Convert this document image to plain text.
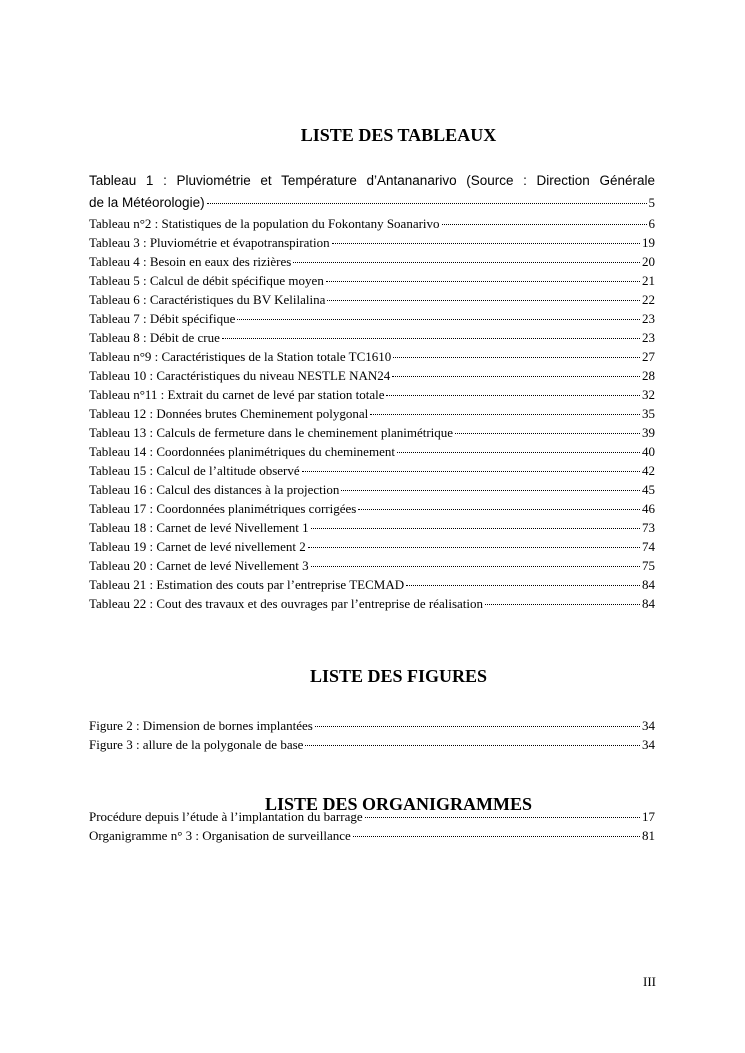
LISTE DES TABLEAUX
Tableau 1 : Pluviométrie et Température d’Antananarivo (Source : Direction Générale
de la Météorologie)	5
Tableau n°2 : Statistiques de la population du Fokontany Soanarivo	6
Tableau 3 : Pluviométrie et évapotranspiration	19
Tableau 4 : Besoin en eaux des rizières	20
Tableau 5 : Calcul de débit spécifique moyen	21
Tableau 6 : Caractéristiques du BV Kelilalina	22
Tableau 7 : Débit spécifique	23
Tableau 8 : Débit de crue	23
Tableau n°9 : Caractéristiques de la Station totale TC1610	27
Tableau 10 : Caractéristiques du niveau NESTLE NAN24	28
Tableau n°11 : Extrait du carnet de levé par station totale	32
Tableau 12 : Données brutes Cheminement polygonal	35
Tableau 13 : Calculs de fermeture dans le cheminement planimétrique	39
Tableau 14 : Coordonnées planimétriques du cheminement	40
Tableau 15 : Calcul de l’altitude observé	42
Tableau 16 : Calcul des distances à la projection	45
Tableau 17 : Coordonnées planimétriques corrigées	46
Tableau 18 : Carnet de levé Nivellement 1	73
Tableau 19 : Carnet de levé nivellement 2	74
Tableau 20 : Carnet de levé Nivellement 3	75
Tableau 21 : Estimation des couts par l’entreprise TECMAD	84
Tableau 22 : Cout des travaux et des ouvrages par l’entreprise de réalisation	84
LISTE DES FIGURES
Figure 2 : Dimension de bornes implantées	34
Figure 3 : allure de la polygonale de base	34
LISTE DES ORGANIGRAMMES
Procédure depuis l’étude à l’implantation du barrage	17
Organigramme n° 3 : Organisation de surveillance	81
III
